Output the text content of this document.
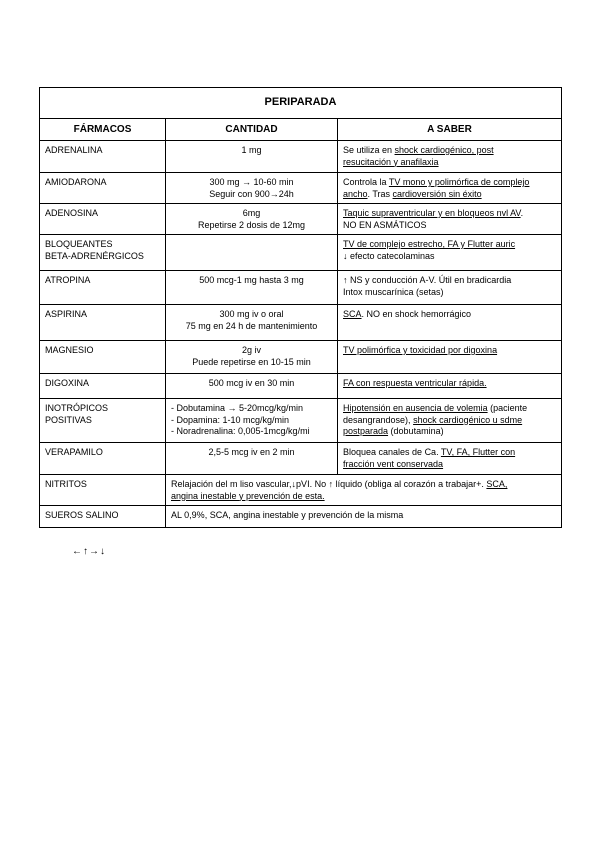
PERIPARADA		
FÁRMACOS	CANTIDAD	A SABER

ADRENALINA	1 mg	Se utiliza en shock cardiogénico, post
resucitación y anafilaxia

AMIODARONA	300 mg → 10-60 min
Seguir con 900→24h	Controla la TV mono y polimórfica de complejo
ancho. Tras cardioversión sin éxito

ADENOSINA	6mg
Repetirse 2 dosis de 12mg	Taquic supraventricular y en bloqueos nvl AV.
NO EN ASMÁTICOS

BLOQUEANTES
BETA-ADRENÉRGICOS		TV de complejo estrecho, FA y Flutter auric
↓ efecto catecolaminas

ATROPINA	500 mcg-1 mg hasta 3 mg	↑ NS y conducción A-V. Útil en bradicardia
Intox muscarínica (setas)

ASPIRINA	300 mg iv o oral
75 mg en 24 h de mantenimiento	SCA. NO en shock hemorrágico

MAGNESIO	2g iv
Puede repetirse en 10-15 min	TV polimórfica y toxicidad por digoxina

DIGOXINA	500 mcg iv en 30 min	FA con respuesta ventricular rápida.

INOTRÓPICOS
POSITIVAS	- Dobutamina → 5-20mcg/kg/min
- Dopamina: 1-10 mcg/kg/min
- Noradrenalina: 0,005-1mcg/kg/mi	Hipotensión en ausencia de volemia (paciente
desangrandose), shock cardiogénico u sdme
postparada (dobutamina)

VERAPAMILO	2,5-5 mcg iv en 2 min	Bloquea canales de Ca. TV, FA, Flutter con
fracción vent conservada

NITRITOS	Relajación del m liso vascular,↓pVI. No ↑ líquido (obliga al corazón a trabajar+. SCA,
angina inestable y prevención de esta.	

SUEROS SALINO	AL 0,9%, SCA, angina inestable y prevención de la misma	
←↑→↓
